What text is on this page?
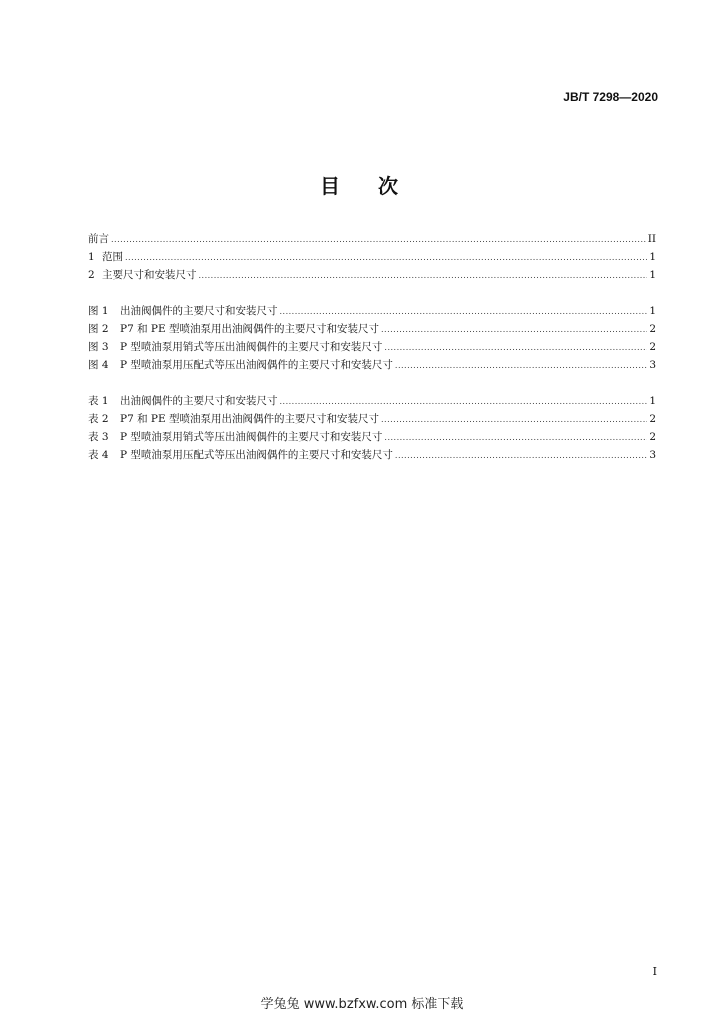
JB/T 7298—2020
目 次
前言 .....	II
1 范围 .....	1
2 主要尺寸和安装尺寸 .....	1
图 1	出油阀偶件的主要尺寸和安装尺寸 .....	1
图 2	P7 和 PE 型喷油泵用出油阀偶件的主要尺寸和安装尺寸 .....	2
图 3	P 型喷油泵用销式等压出油阀偶件的主要尺寸和安装尺寸 .....	2
图 4	P 型喷油泵用压配式等压出油阀偶件的主要尺寸和安装尺寸 .....	3
表 1	出油阀偶件的主要尺寸和安装尺寸 .....	1
表 2	P7 和 PE 型喷油泵用出油阀偶件的主要尺寸和安装尺寸 .....	2
表 3	P 型喷油泵用销式等压出油阀偶件的主要尺寸和安装尺寸 .....	2
表 4	P 型喷油泵用压配式等压出油阀偶件的主要尺寸和安装尺寸 .....	3
I
学兔兔 www.bzfxw.com 标准下载
